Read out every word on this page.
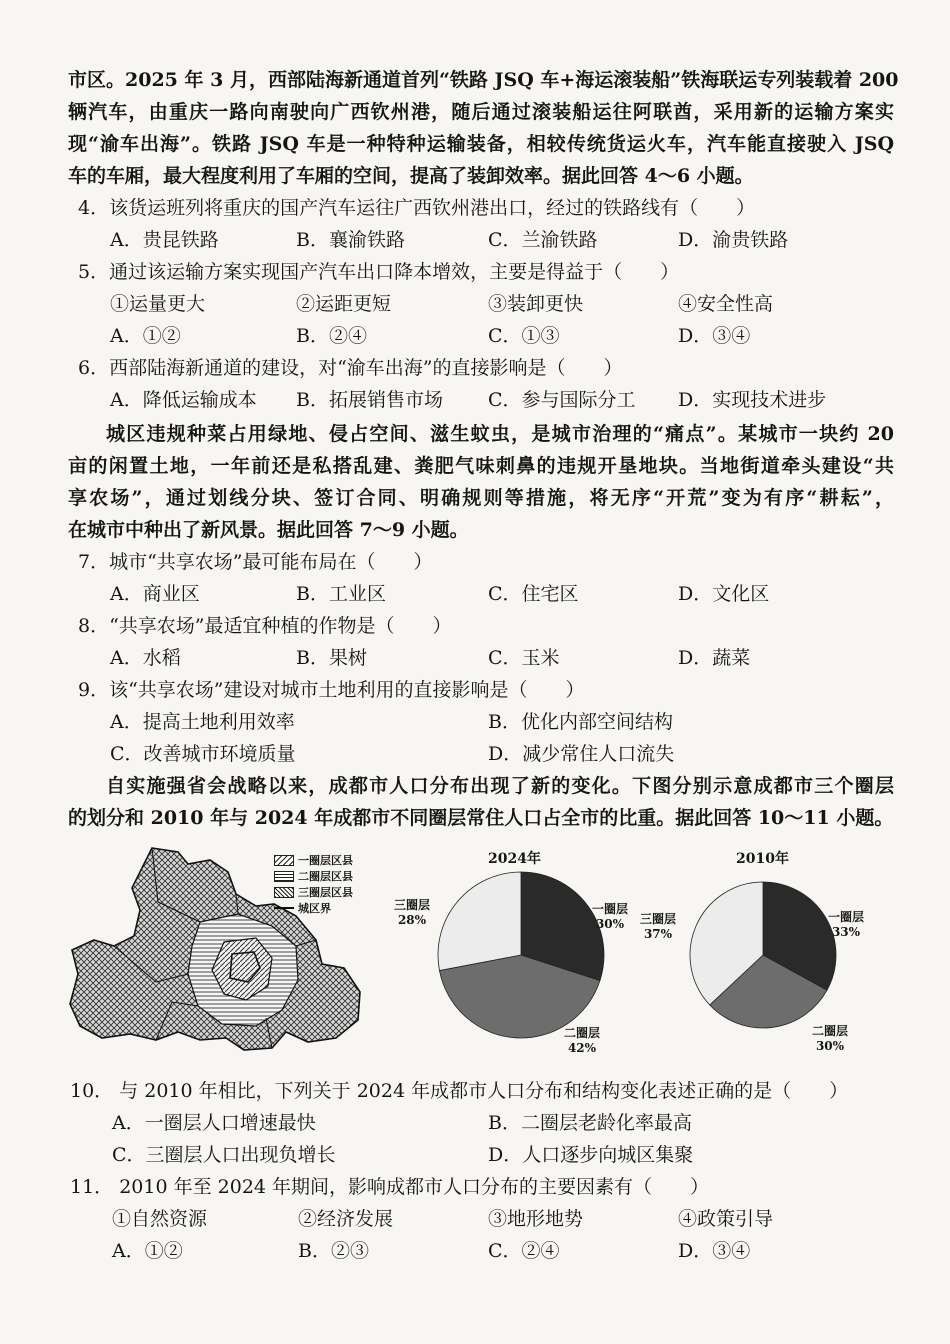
市区。2025 年 3 月，西部陆海新通道首列“铁路 JSQ 车+海运滚装船”铁海联运专列装载着 200
辆汽车，由重庆一路向南驶向广西钦州港，随后通过滚装船运往阿联酋，采用新的运输方案实
现“渝车出海”。铁路 JSQ 车是一种特种运输装备，相较传统货运火车，汽车能直接驶入 JSQ
车的车厢，最大程度利用了车厢的空间，提高了装卸效率。据此回答 4～6 小题。
4．该货运班列将重庆的国产汽车运往广西钦州港出口，经过的铁路线有（　　）
A．贵昆铁路	B．襄渝铁路	C．兰渝铁路	D．渝贵铁路
5．通过该运输方案实现国产汽车出口降本增效，主要是得益于（　　）
①运量更大	②运距更短	③装卸更快	④安全性高
A．①②	B．②④	C．①③	D．③④
6．西部陆海新通道的建设，对“渝车出海”的直接影响是（　　）
A．降低运输成本 B．拓展销售市场 C．参与国际分工 D．实现技术进步
城区违规种菜占用绿地、侵占空间、滋生蚊虫，是城市治理的“痛点”。某城市一块约 20
亩的闲置土地，一年前还是私搭乱建、粪肥气味刺鼻的违规开垦地块。当地街道牵头建设“共
享农场”，通过划线分块、签订合同、明确规则等措施，将无序“开荒”变为有序“耕耘”，
在城市中种出了新风景。据此回答 7～9 小题。
7．城市“共享农场”最可能布局在（　　）
A．商业区	B．工业区	C．住宅区	D．文化区
8．“共享农场”最适宜种植的作物是（　　）
A．水稻	B．果树	C．玉米	D．蔬菜
9．该“共享农场”建设对城市土地利用的直接影响是（　　）
A．提高土地利用效率	B．优化内部空间结构
C．改善城市环境质量	D．减少常住人口流失
自实施强省会战略以来，成都市人口分布出现了新的变化。下图分别示意成都市三个圈层
的划分和 2010 年与 2024 年成都市不同圈层常住人口占全市的比重。据此回答 10～11 小题。
一圈层区县
二圈层区县
三圈层区县
城区界
2024年
三圈层
28%
一圈层
30%
二圈层
42%
2010年
三圈层
37%
一圈层
33%
二圈层
30%
10． 与 2010 年相比，下列关于 2024 年成都市人口分布和结构变化表述正确的是（　　）
A．一圈层人口增速最快	B．二圈层老龄化率最高
C．三圈层人口出现负增长	D．人口逐步向城区集聚
11． 2010 年至 2024 年期间，影响成都市人口分布的主要因素有（　　）
①自然资源	②经济发展	③地形地势	④政策引导
A．①②	B．②③	C．②④	D．③④
